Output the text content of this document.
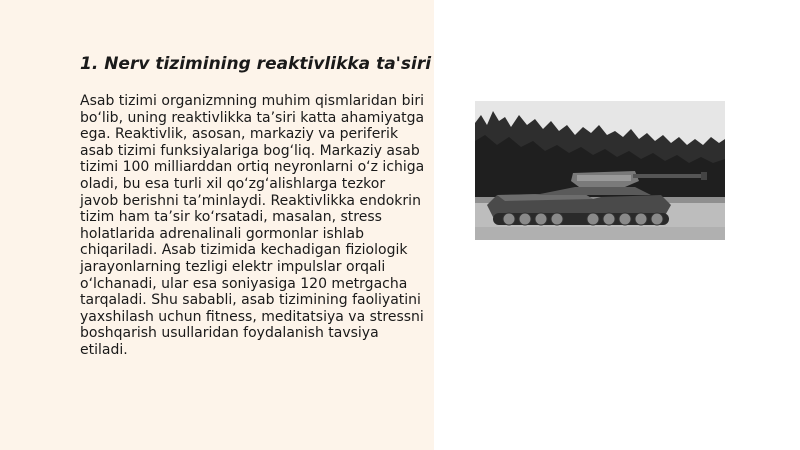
1. Nerv tizimining reaktivlikka ta'siri

Asab tizimi organizmning muhim qismlaridan biri bo‘lib, uning reaktivlikka ta’siri katta ahamiyatga ega. Reaktivlik, asosan, markaziy va periferik asab tizimi funksiyalariga bog‘liq. Markaziy asab tizimi 100 milliarddan ortiq neyronlarni o‘z ichiga oladi, bu esa turli xil qo‘zg‘alishlarga tezkor javob berishni ta’minlaydi. Reaktivlikka endokrin tizim ham ta’sir ko‘rsatadi, masalan, stress holatlarida adrenalinali gormonlar ishlab chiqariladi. Asab tizimida kechadigan fiziologik jarayonlarning tezligi elektr impulslar orqali o‘lchanadi, ular esa soniyasiga 120 metrgacha tarqaladi. Shu sababli, asab tizimining faoliyatini yaxshilash uchun fitness, meditatsiya va stressni boshqarish usullaridan foydalanish tavsiya etiladi.
